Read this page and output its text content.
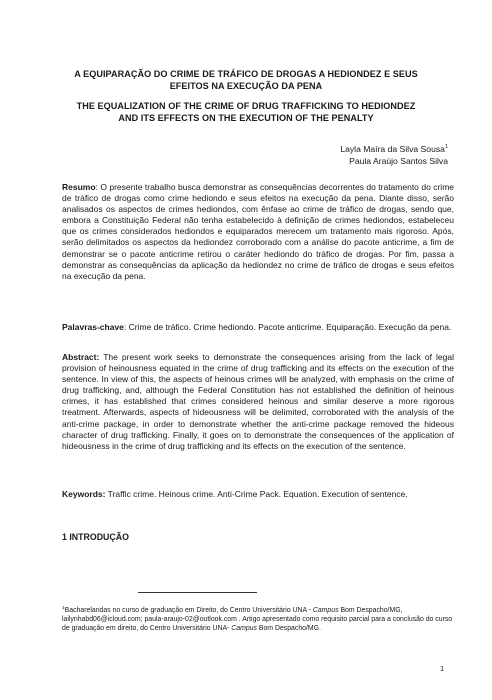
A EQUIPARAÇÃO DO CRIME DE TRÁFICO DE DROGAS A HEDIONDEZ E SEUS
EFEITOS NA EXECUÇÃO DA PENA
THE EQUALIZATION OF THE CRIME OF DRUG TRAFFICKING TO HEDIONDEZ
AND ITS EFFECTS ON THE EXECUTION OF THE PENALTY
Layla Maíra da Silva Sousa$^1$
Paula Araújo Santos Silva
Resumo: O presente trabalho busca demonstrar as consequências decorrentes do tratamento do crime de tráfico de drogas como crime hediondo e seus efeitos na execução da pena. Diante disso, serão analisados os aspectos de crimes hediondos, com ênfase ao crime de tráfico de drogas, sendo que, embora a Constituição Federal não tenha estabelecido à definição de crimes hediondos, estabeleceu que os crimes considerados hediondos e equiparados merecem um tratamento mais rigoroso. Após, serão delimitados os aspectos da hediondez corroborado com a análise do pacote anticrime, a fim de demonstrar se o pacote anticrime retirou o caráter hediondo do tráfico de drogas. Por fim, passa a demonstrar as consequências da aplicação da hediondez no crime de tráfico de drogas e seus efeitos na execução da pena.
Palavras-chave: Crime de tráfico. Crime hediondo. Pacote anticrime. Equiparação. Execução da pena.
Abstract: The present work seeks to demonstrate the consequences arising from the lack of legal provision of heinousness equated in the crime of drug trafficking and its effects on the execution of the sentence. In view of this, the aspects of heinous crimes will be analyzed, with emphasis on the crime of drug trafficking, and, although the Federal Constitution has not established the definition of heinous crimes, it has established that crimes considered heinous and similar deserve a more rigorous treatment. Afterwards, aspects of hideousness will be delimited, corroborated with the analysis of the anti-crime package, in order to demonstrate whether the anti-crime package removed the hideous character of drug trafficking. Finally, it goes on to demonstrate the consequences of the application of hideousness in the crime of drug trafficking and its effects on the execution of the sentence.
Keywords: Traffic crime. Heinous crime. Anti-Crime Pack. Equation. Execution of sentence.
1 INTRODUÇÃO
$^1$Bacharelandas no curso de graduação em Direito, do Centro Universitário UNA - Campus Bom Despacho/MG, lailynhabd06@icloud.com; paula-araujo-02@outlook.com . Artigo apresentado como requisito parcial para a conclusão do curso de graduação em direito, do Centro Universitário UNA- Campus Bom Despacho/MG.
1
